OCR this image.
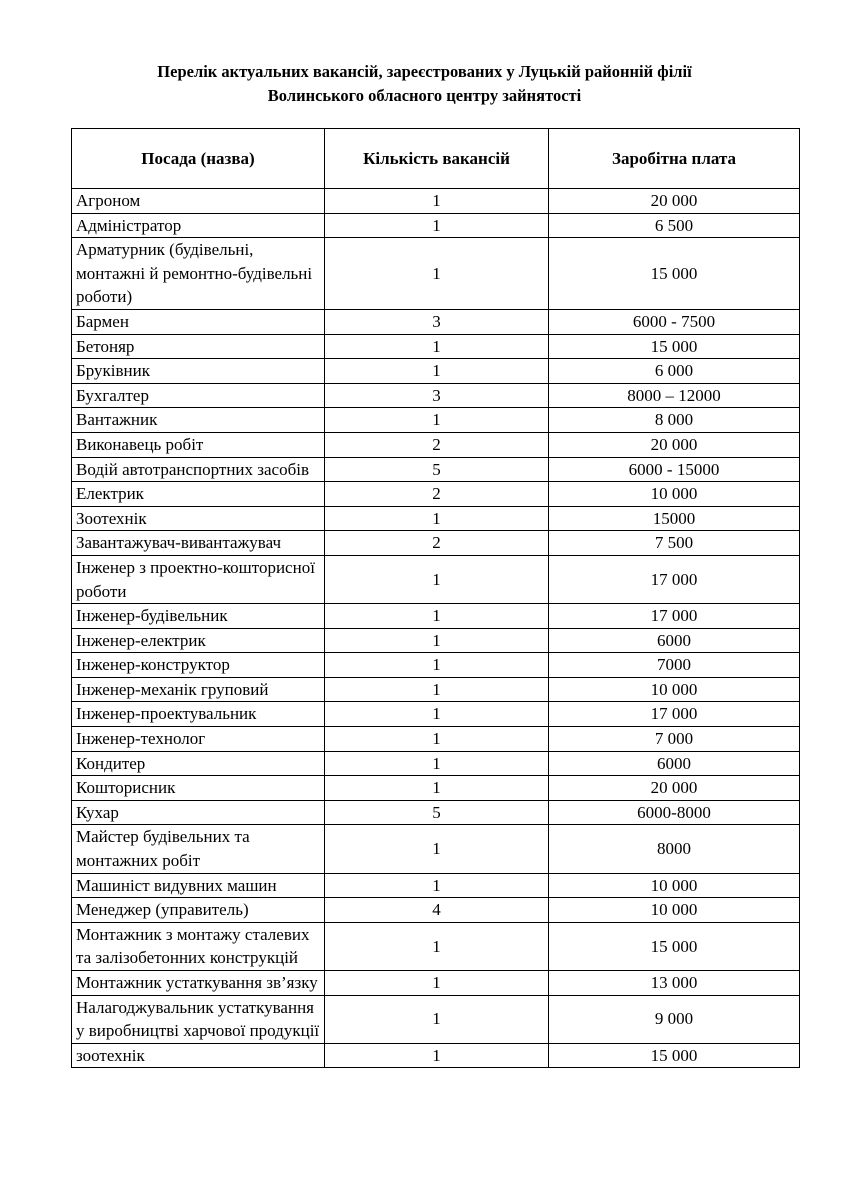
Перелік актуальних вакансій, зареєстрованих у Луцькій районній філії
Волинського обласного центру зайнятості
Посада (назва)	Кількість вакансій	Заробітна плата
Агроном	1	20 000
Адміністратор	1	6 500
Арматурник (будівельні, монтажні й ремонтно-будівельні роботи)	1	15 000
Бармен	3	6000 - 7500
Бетоняр	1	15 000
Бруківник	1	6 000
Бухгалтер	3	8000 – 12000
Вантажник	1	8 000
Виконавець робіт	2	20 000
Водій автотранспортних засобів	5	6000 - 15000
Електрик	2	10 000
Зоотехнік	1	15000
Завантажувач-вивантажувач	2	7 500
Інженер з проектно-кошторисної роботи	1	17 000
Інженер-будівельник	1	17 000
Інженер-електрик	1	6000
Інженер-конструктор	1	7000
Інженер-механік груповий	1	10 000
Інженер-проектувальник	1	17 000
Інженер-технолог	1	7 000
Кондитер	1	6000
Кошторисник	1	20 000
Кухар	5	6000-8000
Майстер будівельних та монтажних робіт	1	8000
Машиніст видувних машин	1	10 000
Менеджер (управитель)	4	10 000
Монтажник з монтажу сталевих та залізобетонних конструкцій	1	15 000
Монтажник устаткування зв’язку	1	13 000
Налагоджувальник устаткування у виробництві харчової продукції	1	9 000
зоотехнік	1	15 000
